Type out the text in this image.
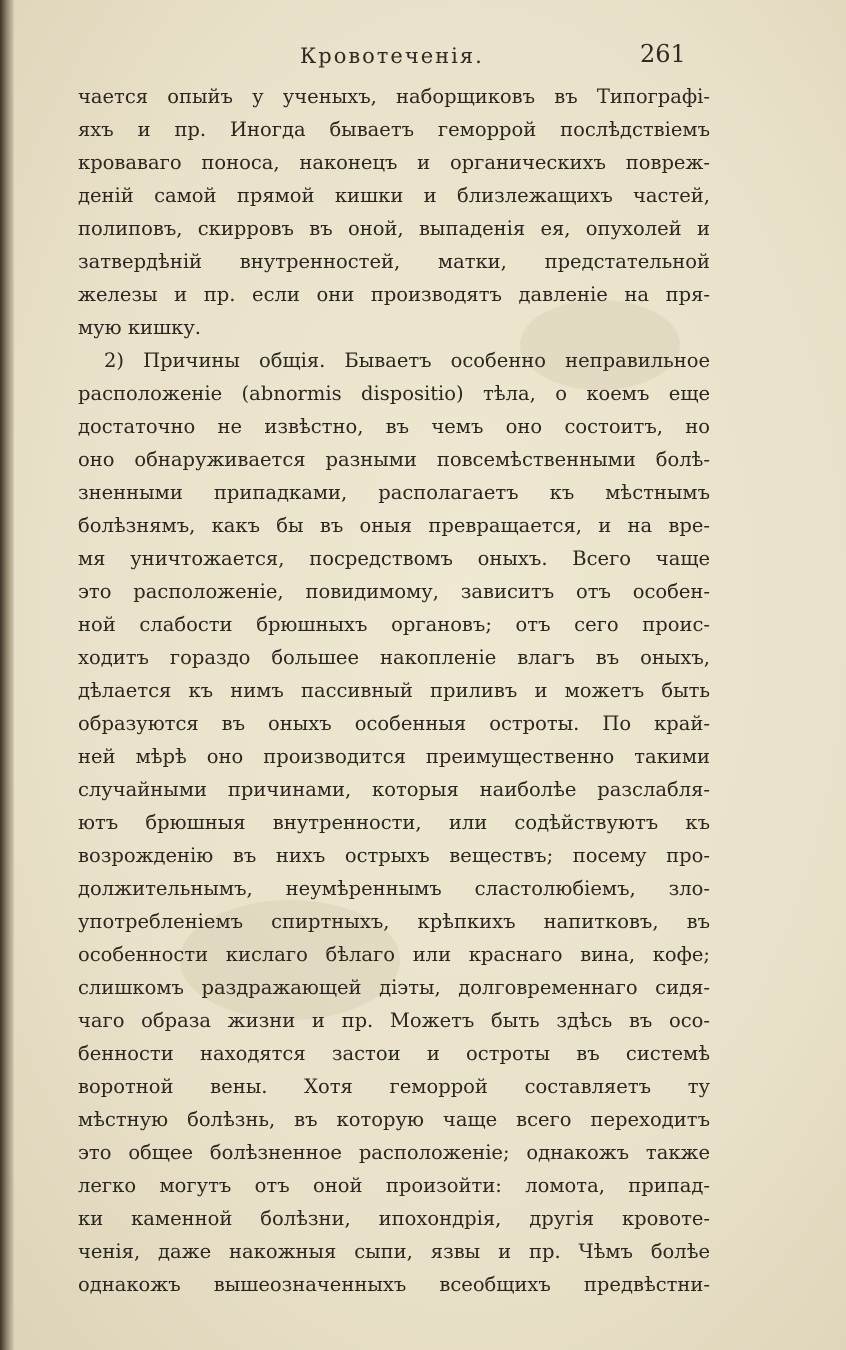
Кровотеченія.	261
чается опыйъ у ученыхъ, наборщиковъ въ Типографі-
яхъ и пр. Иногда бываетъ геморрой послѣдствіемъ
кроваваго поноса, наконецъ и органическихъ повреж-
деній самой прямой кишки и близлежащихъ частей,
полиповъ, скирровъ въ оной, выпаденія ея, опухолей и
затвердѣній внутренностей, матки, предстательной
железы и пр. если они производятъ давленіе на пря-
мую кишку.
2) Причины общія. Бываетъ особенно неправильное
расположеніе (abnormis dispositio) тѣла, о коемъ еще
достаточно не извѣстно, въ чемъ оно состоитъ, но
оно обнаруживается разными повсемѣственными болѣ-
зненными припадками, располагаетъ къ мѣстнымъ
болѣзнямъ, какъ бы въ оныя превращается, и на вре-
мя уничтожается, посредствомъ оныхъ. Всего чаще
это расположеніе, повидимому, зависитъ отъ особен-
ной слабости брюшныхъ органовъ; отъ сего проис-
ходитъ гораздо большее накопленіе влагъ въ оныхъ,
дѣлается къ нимъ пассивный приливъ и можетъ быть
образуются въ оныхъ особенныя остроты. По край-
ней мѣрѣ оно производится преимущественно такими
случайными причинами, которыя наиболѣе разслабля-
ютъ брюшныя внутренности, или содѣйствуютъ къ
возрожденію въ нихъ острыхъ веществъ; посему про-
должительнымъ, неумѣреннымъ сластолюбіемъ, зло-
употребленіемъ спиртныхъ, крѣпкихъ напитковъ, въ
особенности кислаго бѣлаго или краснаго вина, кофе;
слишкомъ раздражающей діэты, долговременнаго сидя-
чаго образа жизни и пр. Можетъ быть здѣсь въ осо-
бенности находятся застои и остроты въ системѣ
воротной вены. Хотя геморрой составляетъ ту
мѣстную болѣзнь, въ которую чаще всего переходитъ
это общее болѣзненное расположеніе; однакожъ также
легко могутъ отъ оной произойти: ломота, припад-
ки каменной болѣзни, ипохондрія, другія кровоте-
ченія, даже накожныя сыпи, язвы и пр. Чѣмъ болѣе
однакожъ вышеозначенныхъ всеобщихъ предвѣстни-
